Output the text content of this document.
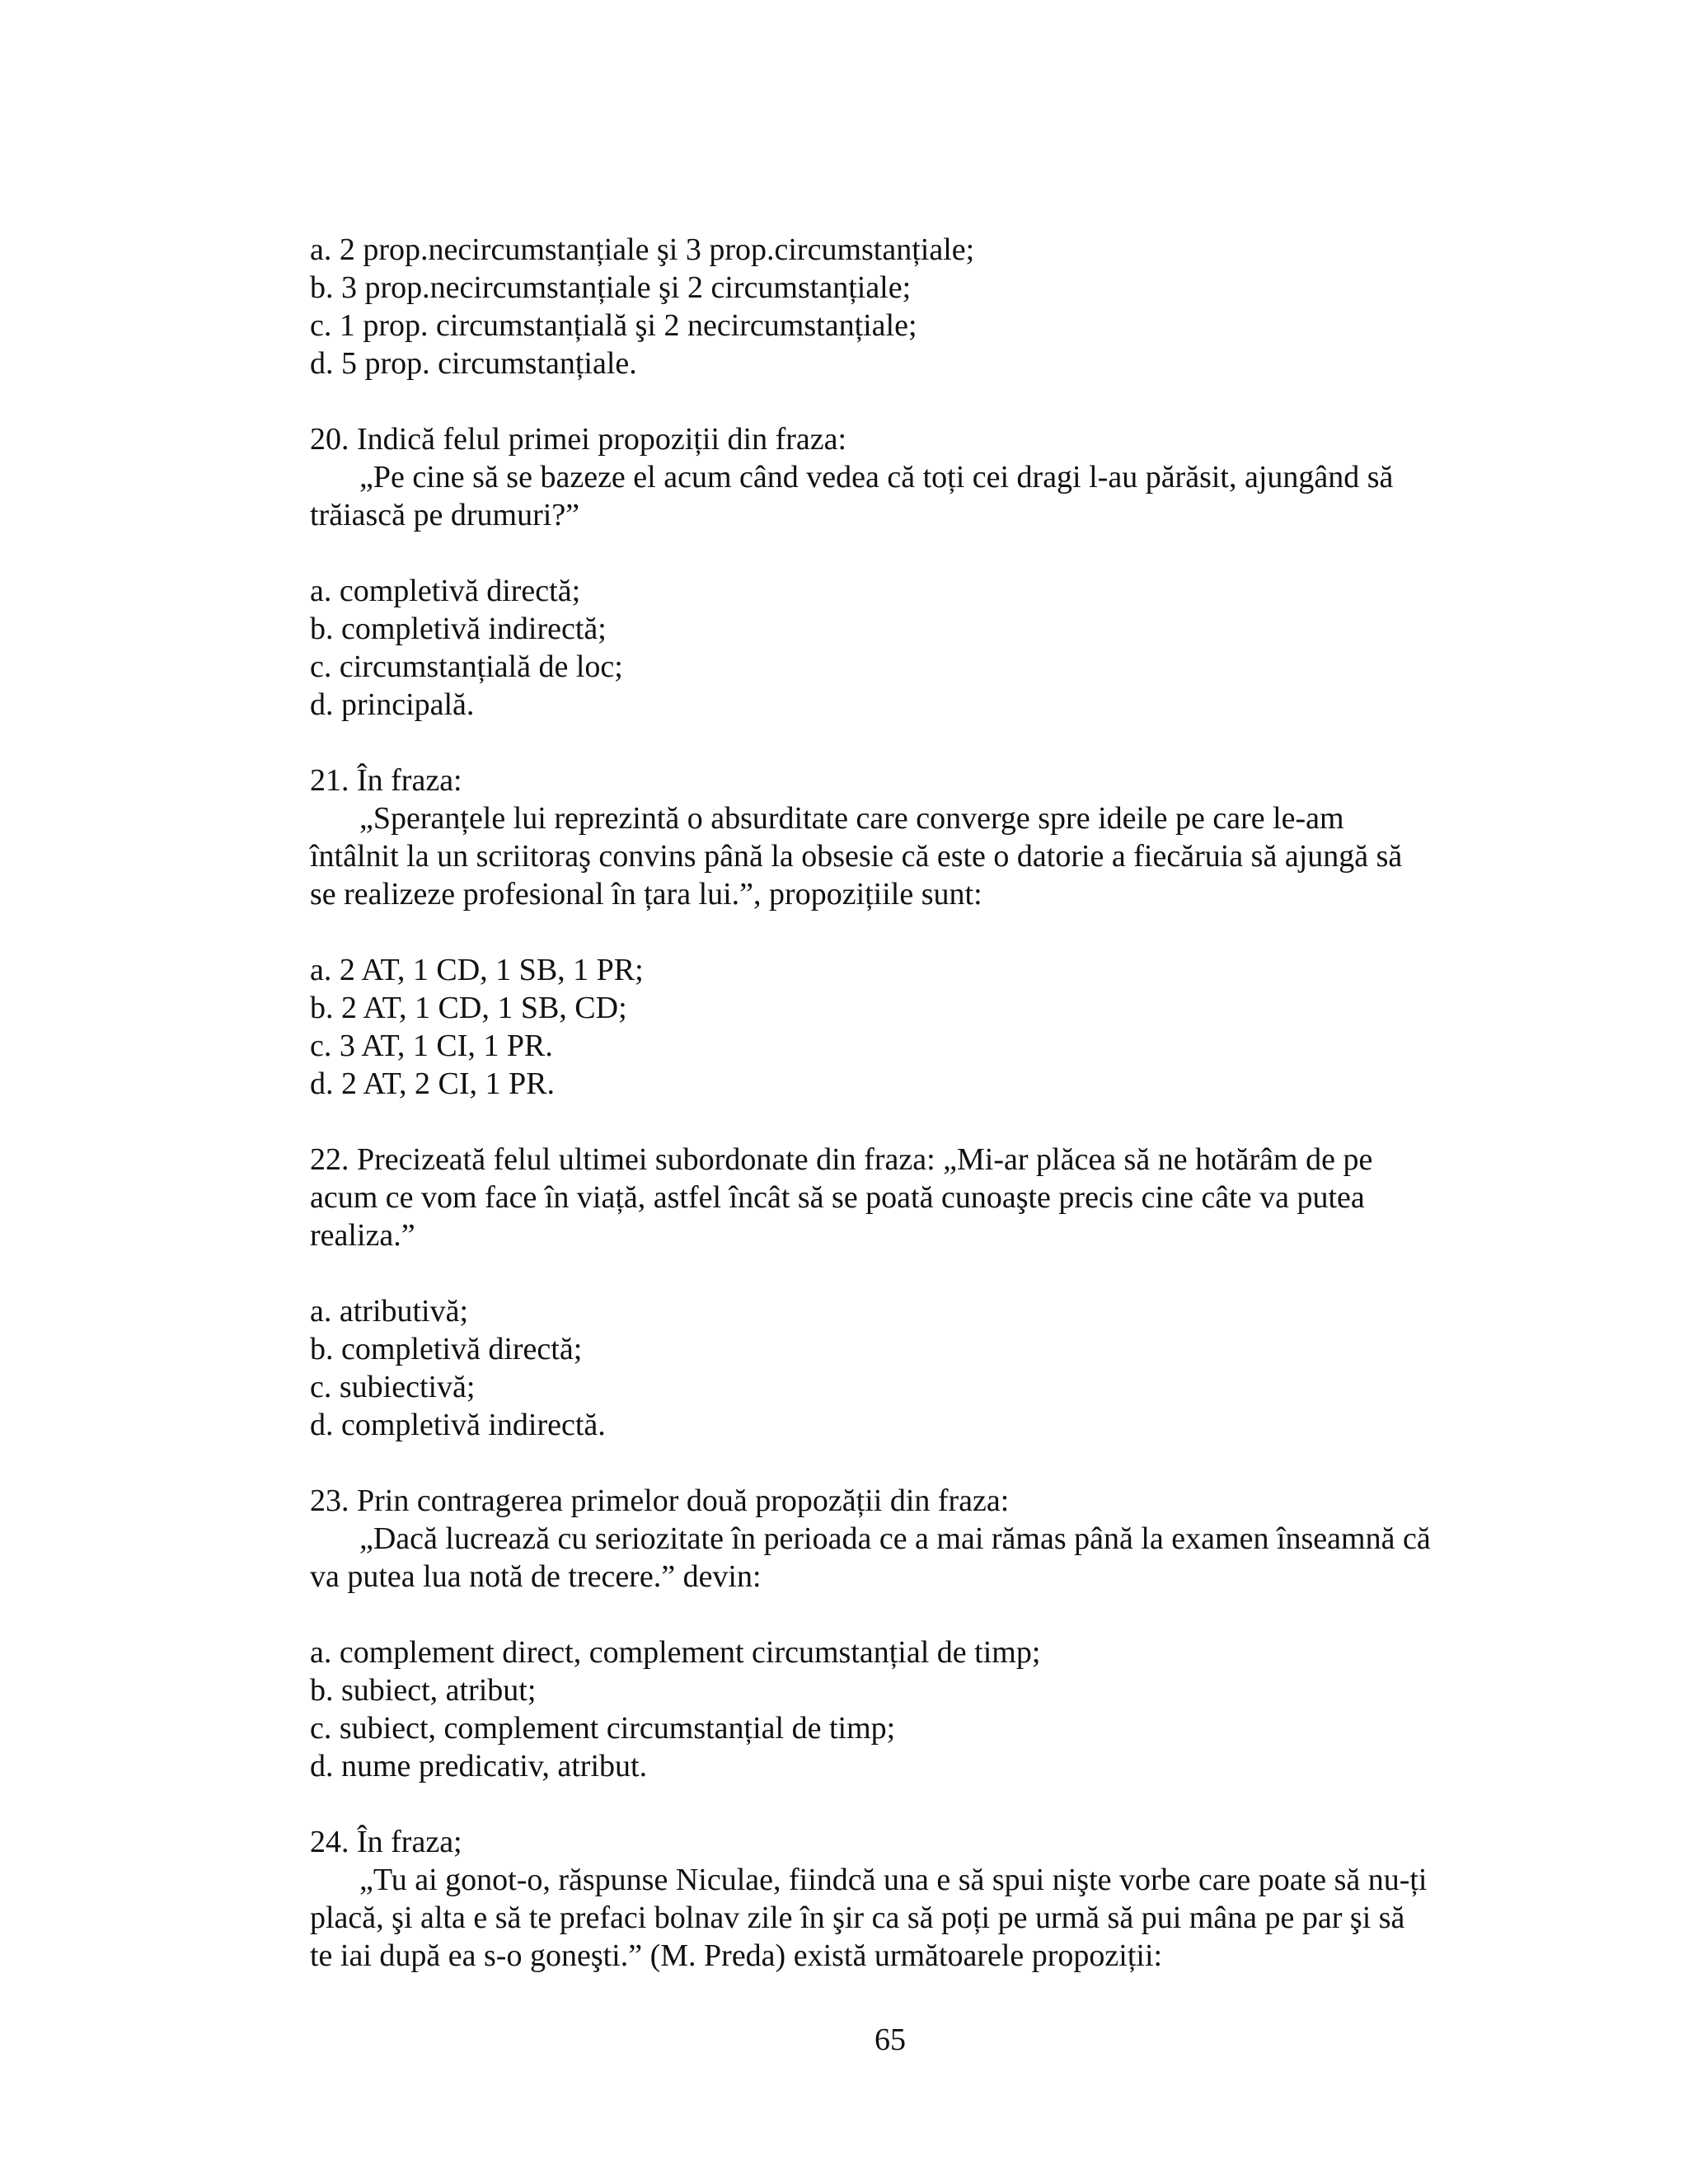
a. 2 prop.necircumstanțiale şi 3 prop.circumstanțiale;
b. 3 prop.necircumstanțiale şi 2 circumstanțiale;
c. 1 prop. circumstanțială şi 2 necircumstanțiale;
d. 5 prop. circumstanțiale.
20. Indică felul primei propoziții din fraza:
„Pe cine să se bazeze el acum când vedea că toți cei dragi l-au părăsit, ajungând să
trăiască pe drumuri?”
a. completivă directă;
b. completivă indirectă;
c. circumstanțială de loc;
d. principală.
21. În fraza:
„Speranțele lui reprezintă o absurditate care converge spre ideile pe care le-am
întâlnit la un scriitoraş convins până la obsesie că este o datorie a fiecăruia să ajungă să
se realizeze profesional în țara lui.”, propozițiile sunt:
a. 2 AT, 1 CD, 1 SB, 1 PR;
b. 2 AT, 1 CD, 1 SB, CD;
c. 3 AT, 1 CI, 1 PR.
d. 2 AT, 2 CI, 1 PR.
22. Precizeată felul ultimei subordonate din fraza: „Mi-ar plăcea să ne hotărâm de pe
acum ce vom face în viață, astfel încât să se poată cunoaşte precis cine câte va putea
realiza.”
a. atributivă;
b. completivă directă;
c. subiectivă;
d. completivă indirectă.
23. Prin contragerea primelor două propozății din fraza:
„Dacă lucrează cu seriozitate în perioada ce a mai rămas până la examen înseamnă că
va putea lua notă de trecere.” devin:
a. complement direct, complement circumstanțial de timp;
b. subiect, atribut;
c. subiect, complement circumstanțial de timp;
d. nume predicativ, atribut.
24. În fraza;
„Tu ai gonot-o, răspunse Niculae, fiindcă una e să spui nişte vorbe care poate să nu-ți
placă, şi alta e să te prefaci bolnav zile în şir ca să poți pe urmă să pui mâna pe par şi să
te iai după ea s-o goneşti.” (M. Preda) există următoarele propoziții:
65
